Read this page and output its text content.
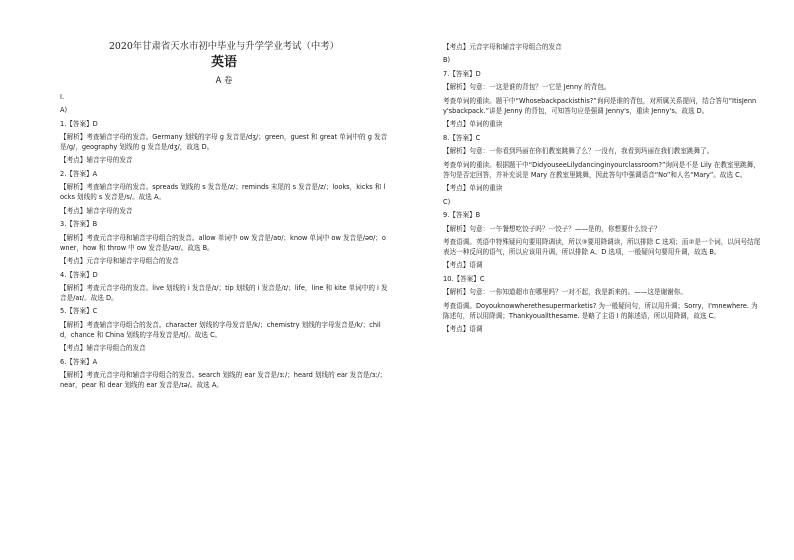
2020年甘肃省天水市初中毕业与升学学业考试（中考）
英语
A 卷
I.
A)
1.【答案】D
【解析】考查辅音字母的发音。Germany 划线的字母 g 发音是/dʒ/；green，guest 和 great 单词中的 g 发音是/ɡ/，geography 划线的 g 发音是/dʒ/，故选 D。
【考点】辅音字母的发音
2.【答案】A
【解析】考查辅音字母的发音。spreads 划线的 s 发音是/z/；reminds 末尾的 s 发音是/z/；looks，kicks 和 locks 划线的 s 发音是/s/。故选 A。
【考点】辅音字母的发音
3.【答案】B
【解析】考查元音字母和辅音字母组合的发音。allow 单词中 ow 发音是/aʊ/；know 单词中 ow 发音是/əʊ/；owner，how 和 throw 中 ow 发音是/əʊ/。故选 B。
【考点】元音字母和辅音字母组合的发音
4.【答案】D
【解析】考查元音字母的发音。live 划线的 i 发音是/ɪ/；tip 划线的 i 发音是/ɪ/；life，line 和 kite 单词中的 i 发音是/aɪ/。故选 D。
5.【答案】C
【解析】考查辅音字母组合的发音。character 划线的字母发音是/k/；chemistry 划线的字母发音是/k/；child，chance 和 China 划线的字母发音是/tʃ/。故选 C。
【考点】辅音字母组合的发音
6.【答案】A
【解析】考查元音字母和辅音字母组合的发音。search 划线的 ear 发音是/ɜː/；heard 划线的 ear 发音是/ɜː/；near，pear 和 dear 划线的 ear 发音是/ɪə/。故选 A。
【考点】元音字母和辅音字母组合的发音
B)
7.【答案】D
【解析】句意：一这是谁的背包？一它是 Jenny 的背包。
考查单词的重读。题干中“Whosebackpackisthis?”询问是谁的背包，对所属关系提问，结合答句“ItisJenny'sbackpack.”讲是 Jenny 的背包，可知答句应是强调 Jenny's，重读 Jenny's。故选 D。
【考点】单词的重读
8.【答案】C
【解析】句意：一你看到玛丽在你们教室跳舞了么？一没有，我看到玛丽在我们教室跳舞了。
考查单词的重读。根据题干中“DidyouseeLilydancinginyourclassroom?”询问是不是 Lily 在教室里跳舞，答句是否定回答，并补充说是 Mary 在教室里跳舞，因此答句中强调语音“No”和人名“Mary”。故选 C。
【考点】单词的重读
C)
9.【答案】B
【解析】句意：一午餐想吃饺子吗？一饺子？——是的，你想要什么饺子？
考查语调。英语中特殊疑问句要用降调读，所以③要用降调读，所以排除 C 选项；而②是一个词，以问号结尾表达一种反问的语气，所以应该用升调，所以排除 A、D 选项，一般疑问句要用升调，故选 B。
【考点】语调
10.【答案】C
【解析】句意：一你知道超市在哪里吗？一对不起，我是新来的。——这是谢谢你。
考查语调。Doyouknowwherethesupermarketis? 为一般疑问句，所以用升调；Sorry，I'mnewhere. 为陈述句，所以用降调；Thankyouallthesame. 是略了主语 I 的陈述语，所以用降调，故选 C。
【考点】语调
